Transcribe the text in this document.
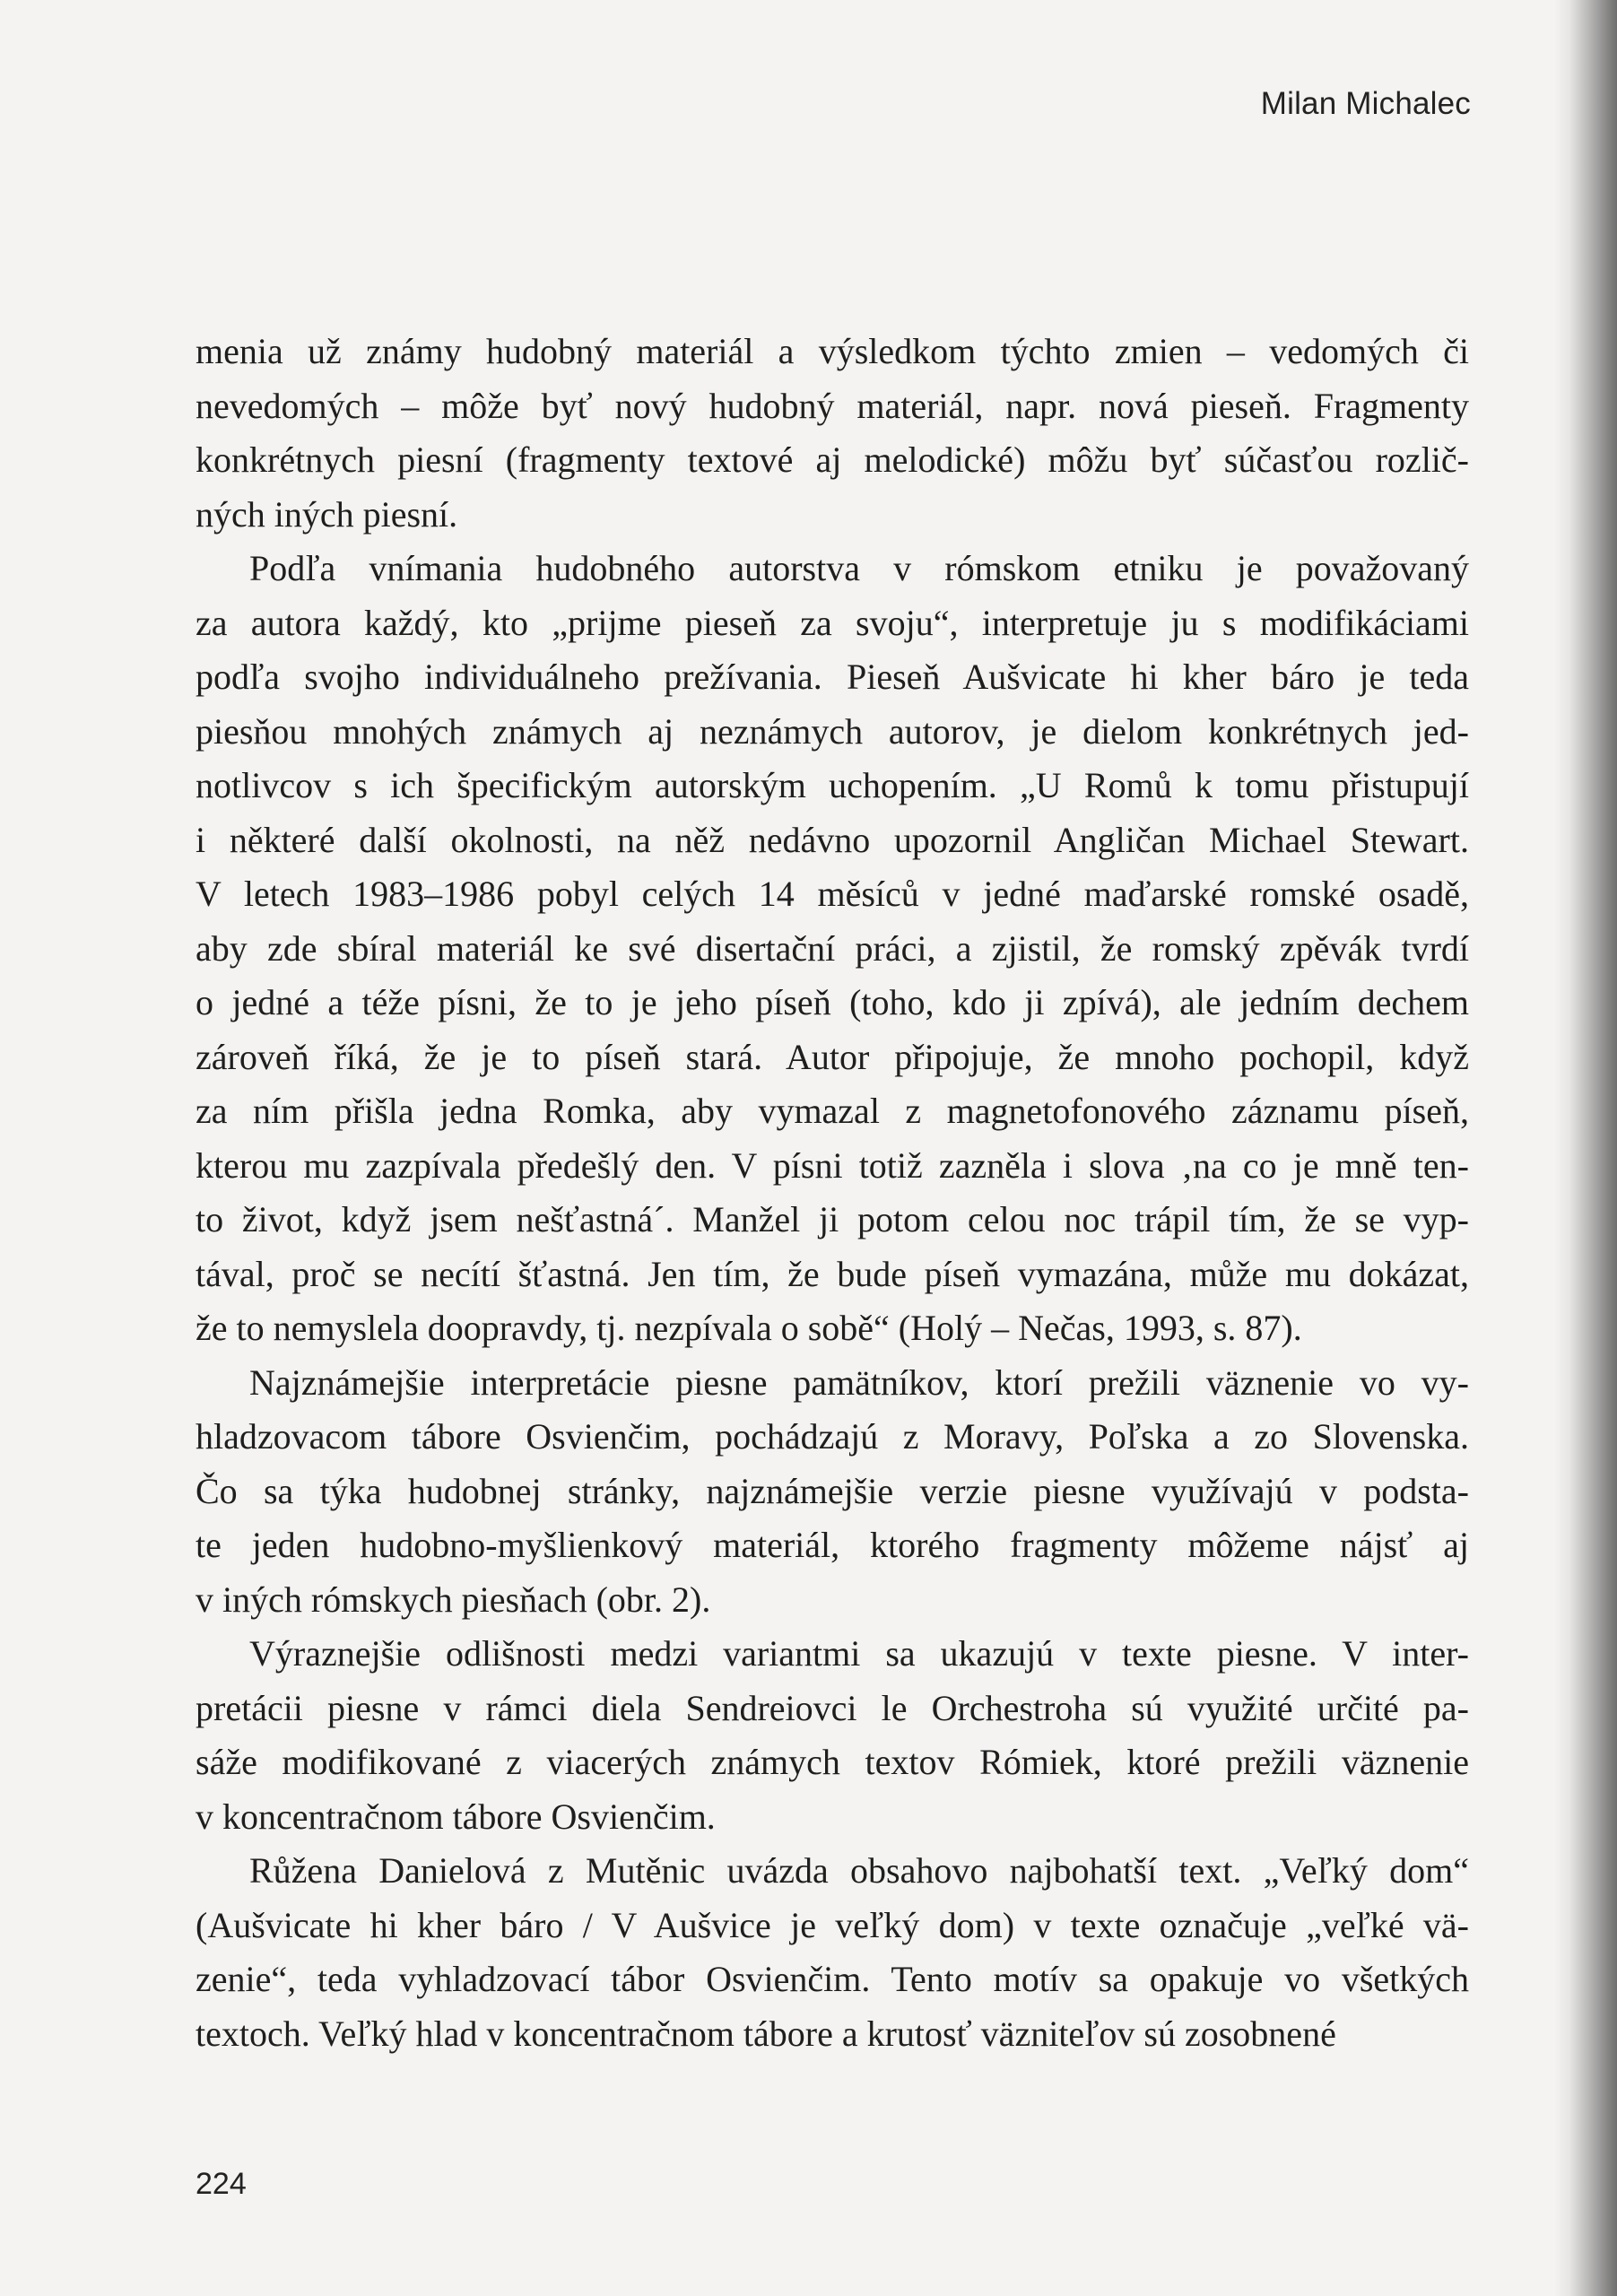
Milan Michalec

menia už známy hudobný materiál a výsledkom týchto zmien – vedomých či
nevedomých – môže byť nový hudobný materiál, napr. nová pieseň. Fragmenty
konkrétnych piesní (fragmenty textové aj melodické) môžu byť súčasťou rozlič-
ných iných piesní.

Podľa vnímania hudobného autorstva v rómskom etniku je považovaný
za autora každý, kto „prijme pieseň za svoju“, interpretuje ju s modifikáciami
podľa svojho individuálneho prežívania. Pieseň Aušvicate hi kher báro je teda
piesňou mnohých známych aj neznámych autorov, je dielom konkrétnych jed-
notlivcov s ich špecifickým autorským uchopením. „U Romů k tomu přistupují
i některé další okolnosti, na něž nedávno upozornil Angličan Michael Stewart.
V letech 1983–1986 pobyl celých 14 měsíců v jedné maďarské romské osadě,
aby zde sbíral materiál ke své disertační práci, a zjistil, že romský zpěvák tvrdí
o jedné a téže písni, že to je jeho píseň (toho, kdo ji zpívá), ale jedním dechem
zároveň říká, že je to píseň stará. Autor připojuje, že mnoho pochopil, když
za ním přišla jedna Romka, aby vymazal z magnetofonového záznamu píseň,
kterou mu zazpívala předešlý den. V písni totiž zazněla i slova ‚na co je mně ten-
to život, když jsem nešťastná´. Manžel ji potom celou noc trápil tím, že se vyp-
tával, proč se necítí šťastná. Jen tím, že bude píseň vymazána, může mu dokázat,
že to nemyslela doopravdy, tj. nezpívala o sobě“ (Holý – Nečas, 1993, s. 87).

Najznámejšie interpretácie piesne pamätníkov, ktorí prežili väznenie vo vy-
hladzovacom tábore Osvienčim, pochádzajú z Moravy, Poľska a zo Slovenska.
Čo sa týka hudobnej stránky, najznámejšie verzie piesne využívajú v podsta-
te jeden hudobno-myšlienkový materiál, ktorého fragmenty môžeme nájsť aj
v iných rómskych piesňach (obr. 2).

Výraznejšie odlišnosti medzi variantmi sa ukazujú v texte piesne. V inter-
pretácii piesne v rámci diela Sendreiovci le Orchestroha sú využité určité pa-
sáže modifikované z viacerých známych textov Rómiek, ktoré prežili väznenie
v koncentračnom tábore Osvienčim.

Růžena Danielová z Mutěnic uvázda obsahovo najbohatší text. „Veľký dom“
(Aušvicate hi kher báro / V Aušvice je veľký dom) v texte označuje „veľké vä-
zenie“, teda vyhladzovací tábor Osvienčim. Tento motív sa opakuje vo všetkých
textoch. Veľký hlad v koncentračnom tábore a krutosť väzniteľov sú zosobnené

224
